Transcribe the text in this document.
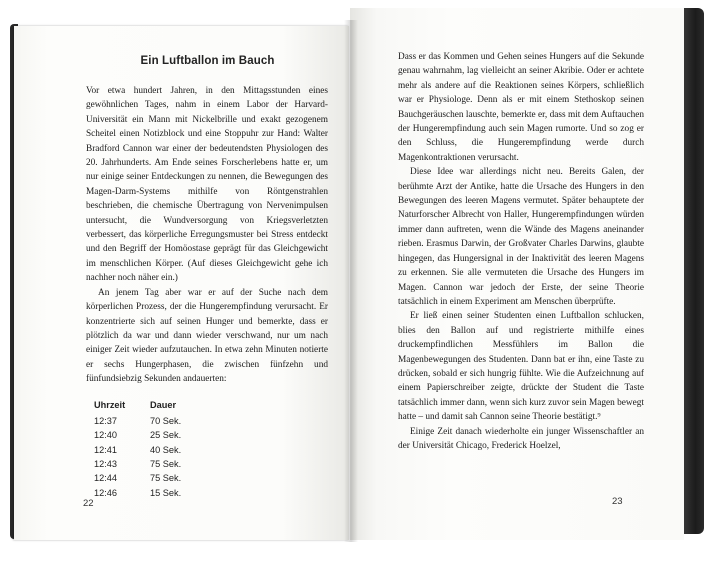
Ein Luftballon im Bauch

Vor etwa hundert Jahren, in den Mittagsstunden eines gewöhnlichen Tages, nahm in einem Labor der Harvard-Universität ein Mann mit Nickelbrille und exakt gezogenem Scheitel einen Notizblock und eine Stoppuhr zur Hand: Walter Bradford Cannon war einer der bedeutendsten Physiologen des 20. Jahrhunderts. Am Ende seines Forscherlebens hatte er, um nur einige seiner Entdeckungen zu nennen, die Bewegungen des Magen-Darm-Systems mithilfe von Röntgenstrahlen beschrieben, die chemische Übertragung von Nervenimpulsen untersucht, die Wundversorgung von Kriegsverletzten verbessert, das körperliche Erregungsmuster bei Stress entdeckt und den Begriff der Homöostase geprägt für das Gleichgewicht im menschlichen Körper. (Auf dieses Gleichgewicht gehe ich nachher noch näher ein.)

An jenem Tag aber war er auf der Suche nach dem körperlichen Prozess, der die Hungerempfindung verursacht. Er konzentrierte sich auf seinen Hunger und bemerkte, dass er plötzlich da war und dann wieder verschwand, nur um nach einiger Zeit wieder aufzutauchen. In etwa zehn Minuten notierte er sechs Hungerphasen, die zwischen fünfzehn und fünfundsiebzig Sekunden andauerten:

Uhrzeit	Dauer
12:37	70 Sek.
12:40	25 Sek.
12:41	40 Sek.
12:43	75 Sek.
12:44	75 Sek.
12:46	15 Sek.
22

Dass er das Kommen und Gehen seines Hungers auf die Sekunde genau wahrnahm, lag vielleicht an seiner Akribie. Oder er achtete mehr als andere auf die Reaktionen seines Körpers, schließlich war er Physiologe. Denn als er mit einem Stethoskop seinen Bauchgeräuschen lauschte, bemerkte er, dass mit dem Auftauchen der Hungerempfindung auch sein Magen rumorte. Und so zog er den Schluss, die Hungerempfindung werde durch Magenkontraktionen verursacht.

Diese Idee war allerdings nicht neu. Bereits Galen, der berühmte Arzt der Antike, hatte die Ursache des Hungers in den Bewegungen des leeren Magens vermutet. Später behauptete der Naturforscher Albrecht von Haller, Hungerempfindungen würden immer dann auftreten, wenn die Wände des Magens aneinander rieben. Erasmus Darwin, der Großvater Charles Darwins, glaubte hingegen, das Hungersignal in der Inaktivität des leeren Magens zu erkennen. Sie alle vermuteten die Ursache des Hungers im Magen. Cannon war jedoch der Erste, der seine Theorie tatsächlich in einem Experiment am Menschen überprüfte.

Er ließ einen seiner Studenten einen Luftballon schlucken, blies den Ballon auf und registrierte mithilfe eines druckempfindlichen Messfühlers im Ballon die Magenbewegungen des Studenten. Dann bat er ihn, eine Taste zu drücken, sobald er sich hungrig fühlte. Wie die Aufzeichnung auf einem Papierschreiber zeigte, drückte der Student die Taste tatsächlich immer dann, wenn sich kurz zuvor sein Magen bewegt hatte – und damit sah Cannon seine Theorie bestätigt.⁹

Einige Zeit danach wiederholte ein junger Wissenschaftler an der Universität Chicago, Frederick Hoelzel,

23
